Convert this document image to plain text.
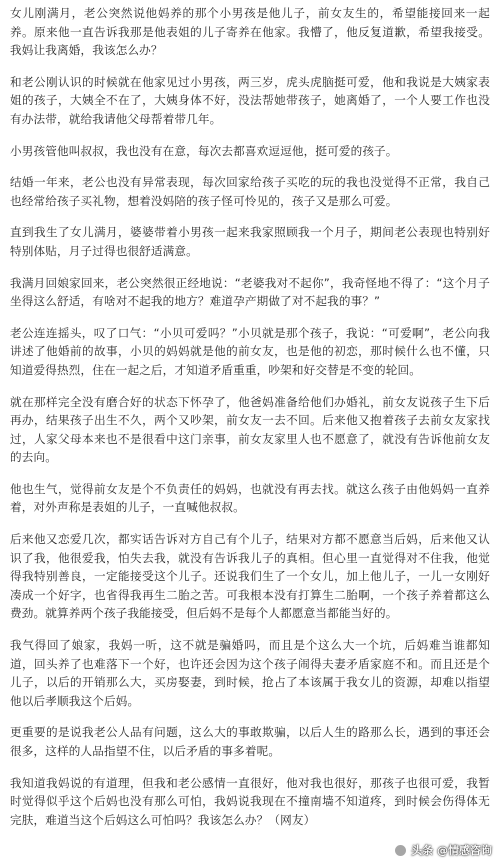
女儿刚满月，老公突然说他妈养的那个小男孩是他儿子，前女友生的，希望能接回来一起养。原来他一直告诉我那是他表姐的儿子寄养在他家。我懵了，他反复道歉，希望我接受。我妈让我离婚，我该怎么办？

和老公刚认识的时候就在他家见过小男孩，两三岁，虎头虎脑挺可爱，他和我说是大姨家表姐的孩子，大姨全不在了，大姨身体不好，没法帮她带孩子，她离婚了，一个人要工作也没有办法带，就给我请他父母帮着带几年。

小男孩管他叫叔叔，我也没有在意，每次去都喜欢逗逗他，挺可爱的孩子。

结婚一年来，老公也没有异常表现，每次回家给孩子买吃的玩的我也没觉得不正常，我自己也经常给孩子买礼物，想着没妈陪的孩子怪可怜见的，孩子又是那么可爱。

直到我生了女儿满月，婆婆带着小男孩一起来我家照顾我一个月子，期间老公表现也特别好特别体贴，月子过得也很舒适满意。

我满月回娘家回来，老公突然很正经地说：“老婆我对不起你”，我奇怪地不得了：“这个月子坐得这么舒适，有啥对不起我的地方？难道孕产期做了对不起我的事？”

老公连连摇头，叹了口气：“小贝可爱吗？”小贝就是那个孩子，我说：“可爱啊”，老公向我讲述了他婚前的故事，小贝的妈妈就是他的前女友，也是他的初恋，那时候什么也不懂，只知道爱得热烈，住在一起之后，才知道矛盾重重，吵架和好交替是不变的轮回。

就在那样完全没有磨合好的状态下怀孕了，他爸妈准备给他们办婚礼，前女友说孩子生下后再办，结果孩子出生不久，两个又吵架，前女友一去不回。后来他又抱着孩子去前女友家找过，人家父母本来也不是很看中这门亲事，前女友家里人也不愿意了，就没有告诉他前女友的去向。

他也生气，觉得前女友是个不负责任的妈妈，也就没有再去找。就这么孩子由他妈妈一直养着，对外声称是表姐的儿子，一直喊他叔叔。

后来他又恋爱几次，都实话告诉对方自己有个儿子，结果对方都不愿意当后妈，后来他又认识了我，他很爱我，怕失去我，就没有告诉我儿子的真相。但心里一直觉得对不住我，他觉得我特别善良，一定能接受这个儿子。还说我们生了一个女儿，加上他儿子，一儿一女刚好凑成一个好字，也省得我再生二胎之苦。可我根本没有打算生二胎啊，一个孩子养着都这么费劲。就算养两个孩子我能接受，但后妈不是每个人都愿意当都能当好的。

我气得回了娘家，我妈一听，这不就是骗婚吗，而且是个这么大一个坑，后妈难当谁都知道，回头养了也难落下一个好，也许还会因为这个孩子闹得夫妻矛盾家庭不和。而且还是个儿子，以后的开销那么大，买房娶妻，到时候，抢占了本该属于我女儿的资源，却难以指望他以后孝顺我这个后妈。

更重要的是说我老公人品有问题，这么大的事敢欺骗，以后人生的路那么长，遇到的事还会很多，这样的人品指望不住，以后矛盾的事多着呢。

我知道我妈说的有道理，但我和老公感情一直很好，他对我也很好，那孩子也很可爱，我暂时觉得似乎这个后妈也没有那么可怕，我妈说我现在不撞南墙不知道疼，到时候会伤得体无完肤，难道当这个后妈这么可怕吗？我该怎么办？（网友）

头条 @情感咨询
